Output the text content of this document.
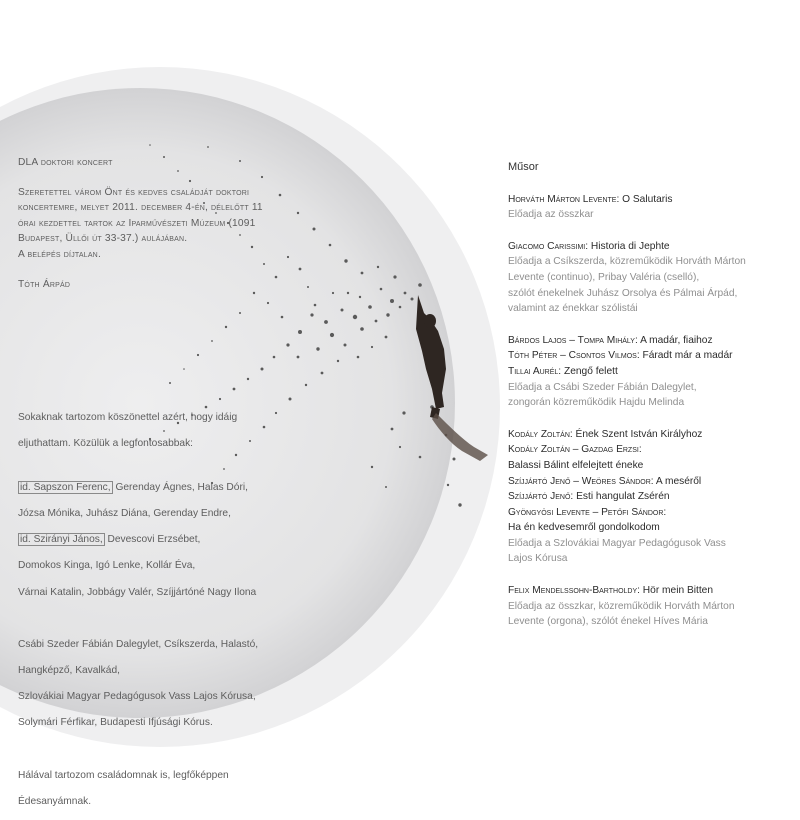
DLA doktori koncert

Szeretettel várom Önt és kedves családját doktori

koncertemre, melyet 2011. december 4-én, délelőtt 11

órai kezdettel tartok az Iparművészeti Múzeum (1091

Budapest, Üllői út 33-37.) aulájában.

A belépés díjtalan.

Tóth Árpád

Sokaknak tartozom köszönettel azért, hogy idáig

eljuthattam. Közülük a legfontosabbak:

id. Sapszon Ferenc, Gerenday Ágnes, Halas Dóri,

Józsa Mónika, Juhász Diána, Gerenday Endre,

id. Szirányi János, Devescovi Erzsébet,

Domokos Kinga, Igó Lenke, Kollár Éva,

Várnai Katalin, Jobbágy Valér, Szíjjártóné Nagy Ilona

Csábi Szeder Fábián Dalegylet, Csíkszerda, Halastó,

Hangképző, Kavalkád,

Szlovákiai Magyar Pedagógusok Vass Lajos Kórusa,

Solymári Férfikar, Budapesti Ifjúsági Kórus.

Hálával tartozom családomnak is, legfőképpen

Édesanyámnak.

Műsor
Horváth Márton Levente: O Salutaris
Előadja az összkar
Giacomo Carissimi: Historia di Jephte
Előadja a Csíkszerda, közreműködik Horváth Márton
Levente (continuo), Pribay Valéria (cselló),
szólót énekelnek Juhász Orsolya és Pálmai Árpád,
valamint az énekkar szólistái
Bárdos Lajos – Tompa Mihály: A madár, fiaihoz
Tóth Péter – Csontos Vilmos: Fáradt már a madár
Tillai Aurél: Zengő felett
Előadja a Csábi Szeder Fábián Dalegylet,
zongorán közreműködik Hajdu Melinda
Kodály Zoltán: Ének Szent István Királyhoz
Kodály Zoltán – Gazdag Erzsi:
Balassi Bálint elfelejtett éneke
Szíjjártó Jenő – Weöres Sándor: A meséről
Szíjjártó Jenő: Esti hangulat Zsérén
Gyöngyösi Levente – Petőfi Sándor:
Ha én kedvesemről gondolkodom
Előadja a Szlovákiai Magyar Pedagógusok Vass
Lajos Kórusa
Felix Mendelssohn-Bartholdy: Hör mein Bitten
Előadja az összkar, közreműködik Horváth Márton
Levente (orgona), szólót énekel Híves Mária
